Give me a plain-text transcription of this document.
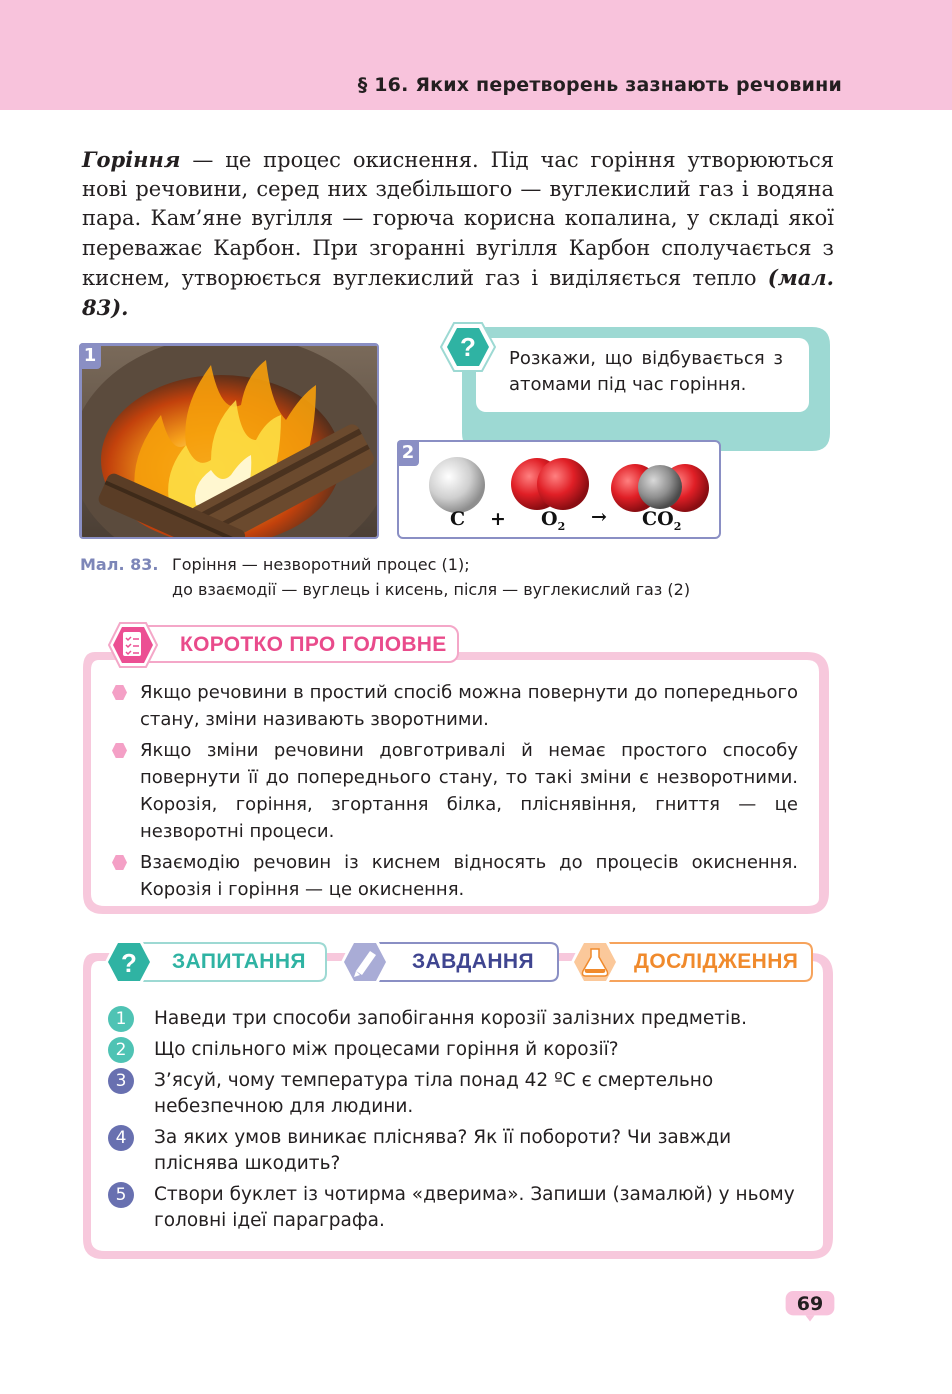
§ 16. Яких перетворень зазнають речовини

Горіння — це процес окиснення. Під час горіння утворюються нові речовини, серед них здебільшого — вуглекислий газ і водяна пара. Кам’яне вугілля — горюча корисна копалина, у складі якої переважає Карбон. При згоранні вугілля Карбон сполучається з киснем, утворюється вуглекислий газ і виділяється тепло (мал. 83).

1	? Розкажи, що відбувається з атомами під час горіння.

2
$C + O_2 \to CO_2$
Мал. 83. Горіння — незворотний процес (1);
до взаємодії — вуглець і кисень, після — вуглекислий газ (2)
КОРОТКО ПРО ГОЛОВНЕ
Якщо речовини в простий спосіб можна повернути до попереднього стану, зміни називають зворотними.
Якщо зміни речовини довготривалі й немає простого способу повернути її до попереднього стану, то такі зміни є незворотними. Корозія, горіння, згортання білка, пліснявіння, гниття — це незворотні процеси.
Взаємодію речовин із киснем відносять до процесів окиснення. Корозія і горіння — це окиснення.
? ЗАПИТАННЯ	ЗАВДАННЯ	ДОСЛІДЖЕННЯ
1	Наведи три способи запобігання корозії залізних предметів.
2	Що спільного між процесами горіння й корозії?
3	З’ясуй, чому температура тіла понад 42 ºС є смертельно небезпечною для людини.
4	За яких умов виникає пліснява? Як її побороти? Чи завжди пліснява шкодить?
5	Створи буклет із чотирма «дверима». Запиши (замалюй) у ньому головні ідеї параграфа.
69
